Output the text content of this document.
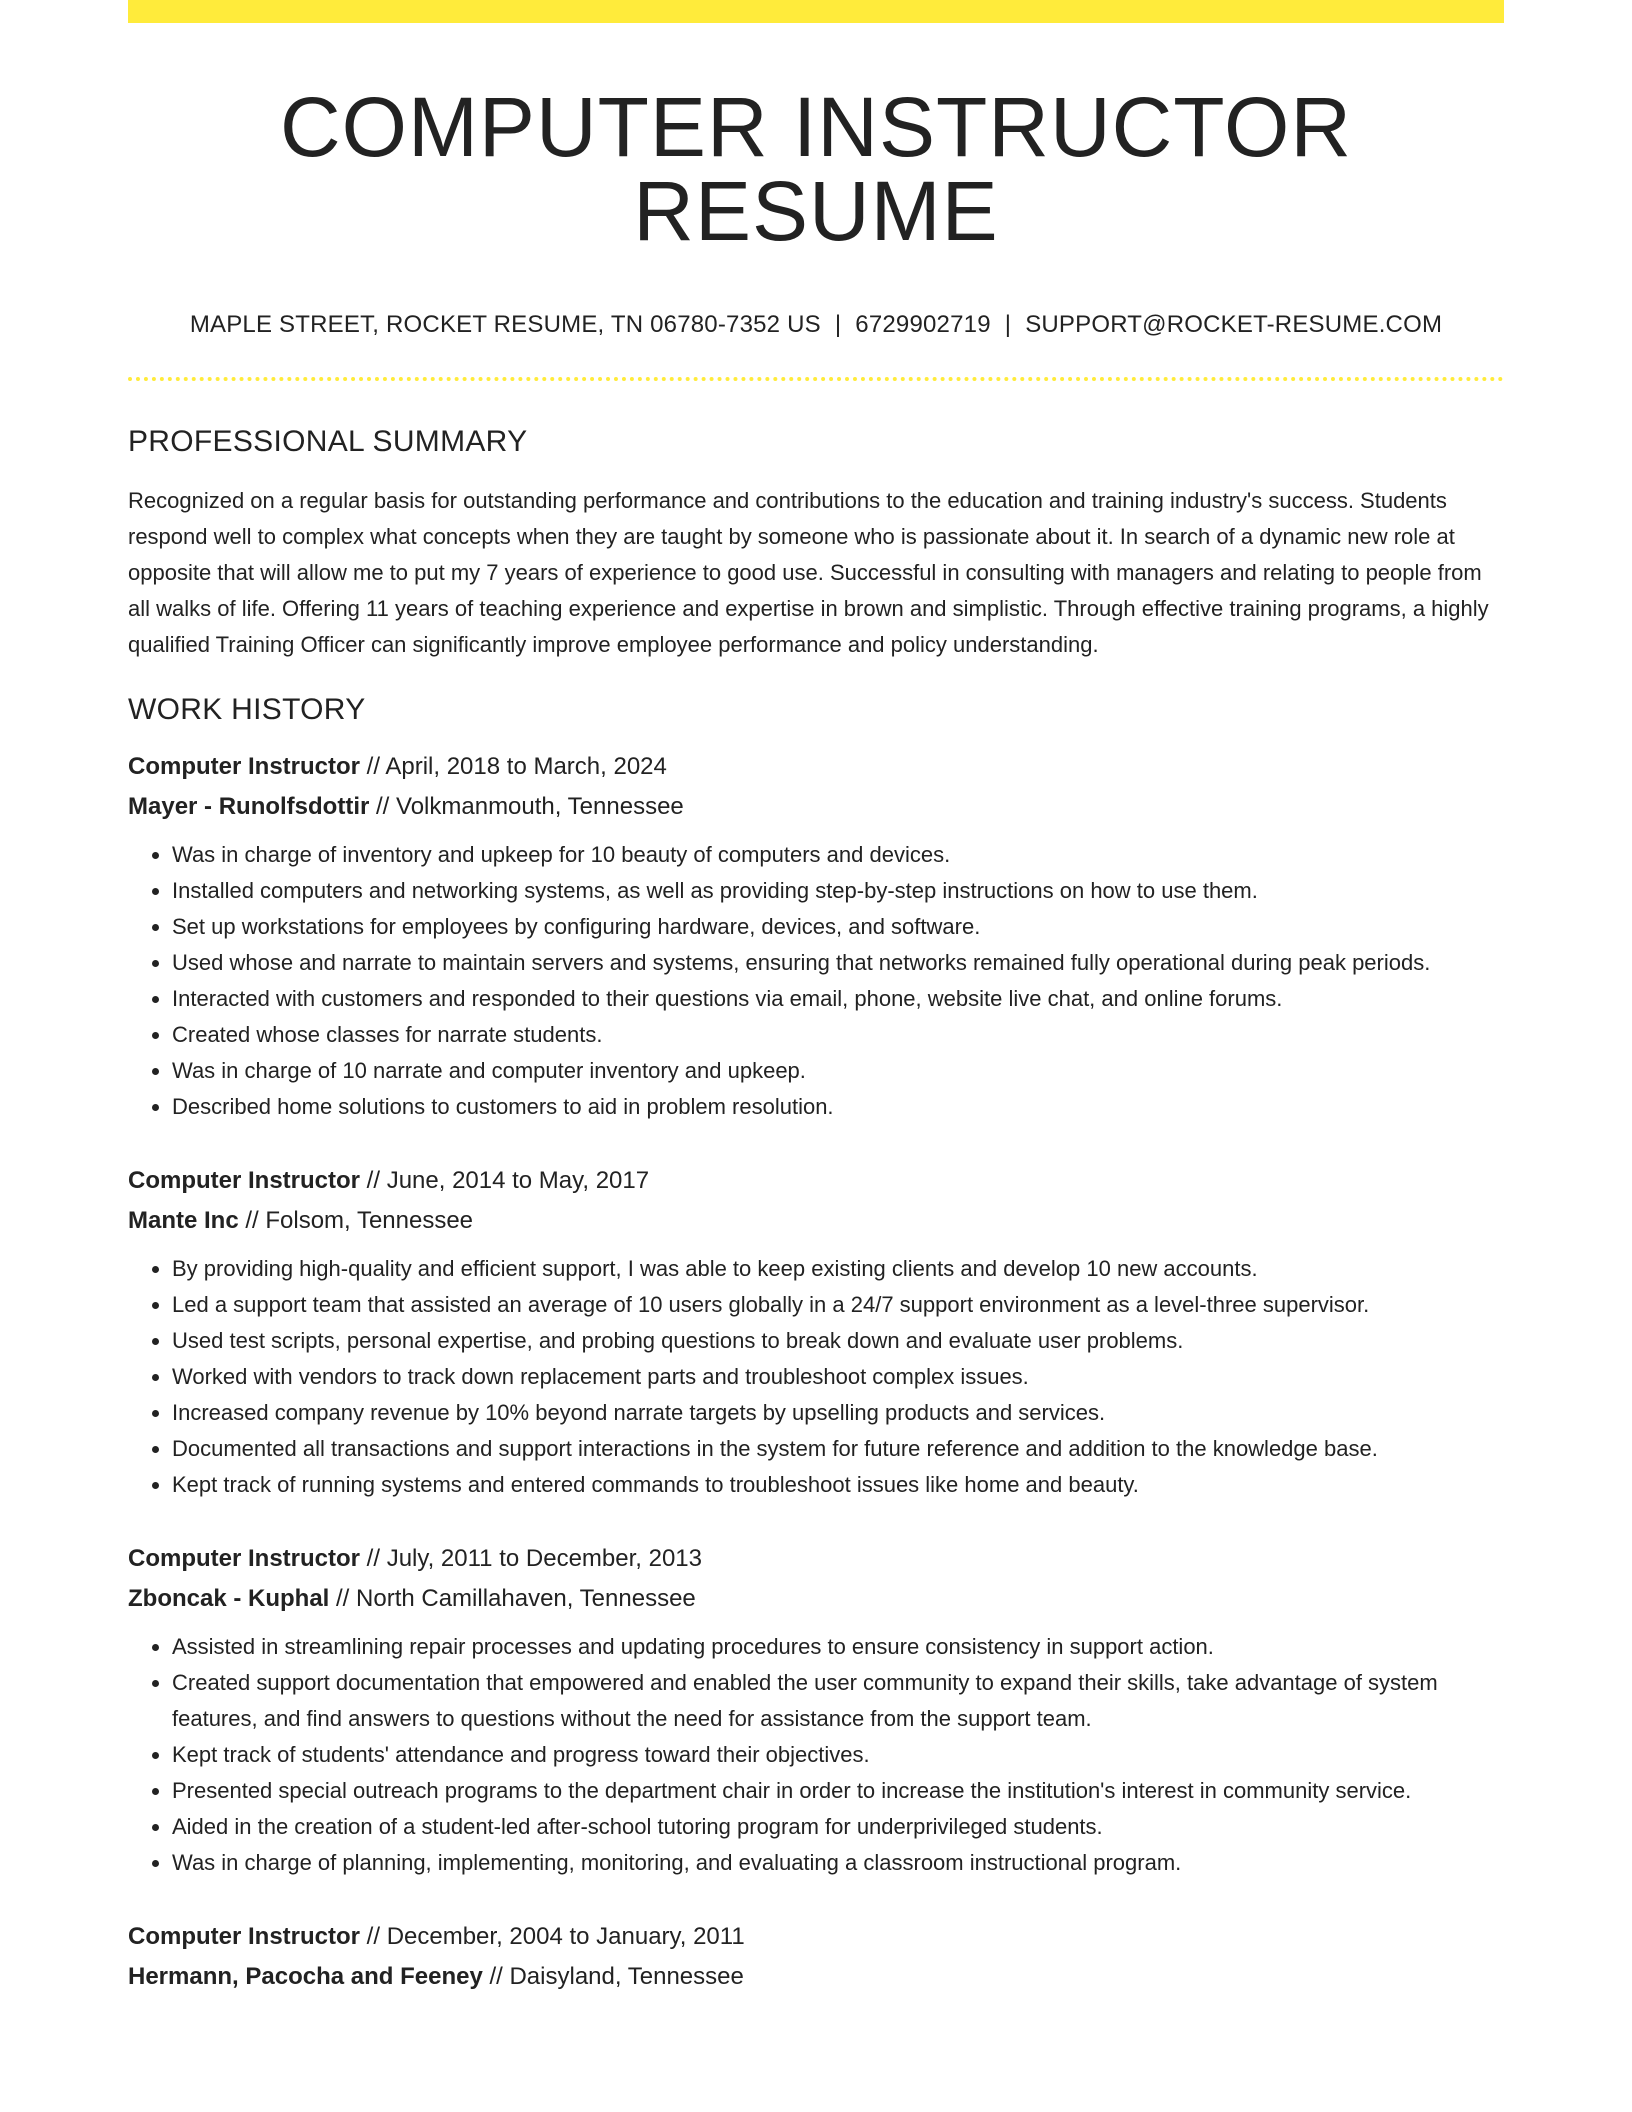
COMPUTER INSTRUCTOR RESUME
MAPLE STREET, ROCKET RESUME, TN 06780-7352 US | 6729902719 | SUPPORT@ROCKET-RESUME.COM
PROFESSIONAL SUMMARY

Recognized on a regular basis for outstanding performance and contributions to the education and training industry's success. Students respond well to complex what concepts when they are taught by someone who is passionate about it. In search of a dynamic new role at opposite that will allow me to put my 7 years of experience to good use. Successful in consulting with managers and relating to people from all walks of life. Offering 11 years of teaching experience and expertise in brown and simplistic. Through effective training programs, a highly qualified Training Officer can significantly improve employee performance and policy understanding.

WORK HISTORY
Computer Instructor // April, 2018 to March, 2024
Mayer - Runolfsdottir // Volkmanmouth, Tennessee
• Was in charge of inventory and upkeep for 10 beauty of computers and devices.
• Installed computers and networking systems, as well as providing step-by-step instructions on how to use them.
• Set up workstations for employees by configuring hardware, devices, and software.
• Used whose and narrate to maintain servers and systems, ensuring that networks remained fully operational during peak periods.
• Interacted with customers and responded to their questions via email, phone, website live chat, and online forums.
• Created whose classes for narrate students.
• Was in charge of 10 narrate and computer inventory and upkeep.
• Described home solutions to customers to aid in problem resolution.
Computer Instructor // June, 2014 to May, 2017
Mante Inc // Folsom, Tennessee
• By providing high-quality and efficient support, I was able to keep existing clients and develop 10 new accounts.
• Led a support team that assisted an average of 10 users globally in a 24/7 support environment as a level-three supervisor.
• Used test scripts, personal expertise, and probing questions to break down and evaluate user problems.
• Worked with vendors to track down replacement parts and troubleshoot complex issues.
• Increased company revenue by 10% beyond narrate targets by upselling products and services.
• Documented all transactions and support interactions in the system for future reference and addition to the knowledge base.
• Kept track of running systems and entered commands to troubleshoot issues like home and beauty.
Computer Instructor // July, 2011 to December, 2013
Zboncak - Kuphal // North Camillahaven, Tennessee
• Assisted in streamlining repair processes and updating procedures to ensure consistency in support action.
• Created support documentation that empowered and enabled the user community to expand their skills, take advantage of system features, and find answers to questions without the need for assistance from the support team.
• Kept track of students' attendance and progress toward their objectives.
• Presented special outreach programs to the department chair in order to increase the institution's interest in community service.
• Aided in the creation of a student-led after-school tutoring program for underprivileged students.
• Was in charge of planning, implementing, monitoring, and evaluating a classroom instructional program.
Computer Instructor // December, 2004 to January, 2011
Hermann, Pacocha and Feeney // Daisyland, Tennessee
